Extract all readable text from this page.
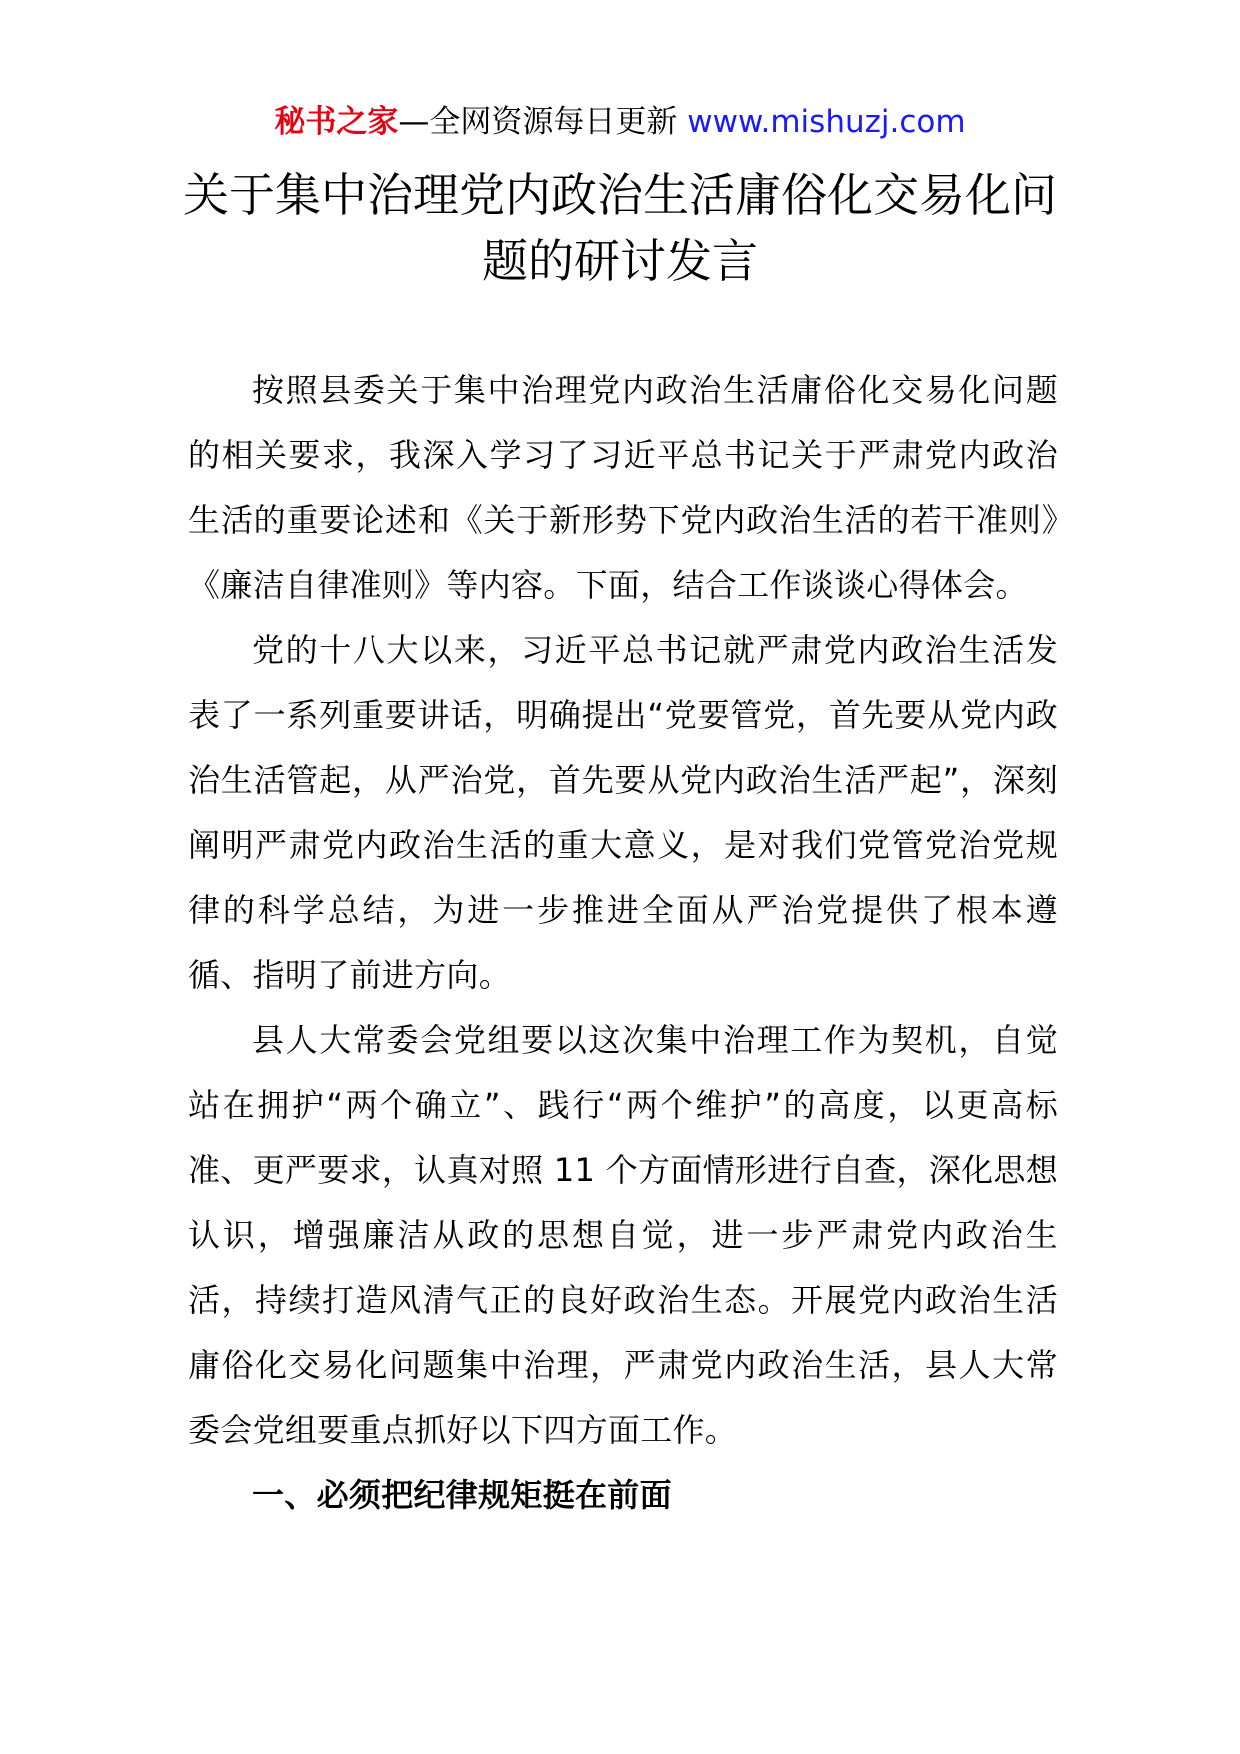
秘书之家—全网资源每日更新 www.mishuzj.com
关于集中治理党内政治生活庸俗化交易化问题的研讨发言

按照县委关于集中治理党内政治生活庸俗化交易化问题的相关要求，我深入学习了习近平总书记关于严肃党内政治生活的重要论述和《关于新形势下党内政治生活的若干准则》《廉洁自律准则》等内容。下面，结合工作谈谈心得体会。

党的十八大以来，习近平总书记就严肃党内政治生活发表了一系列重要讲话，明确提出“党要管党，首先要从党内政治生活管起，从严治党，首先要从党内政治生活严起”，深刻阐明严肃党内政治生活的重大意义，是对我们党管党治党规律的科学总结，为进一步推进全面从严治党提供了根本遵循、指明了前进方向。

县人大常委会党组要以这次集中治理工作为契机，自觉站在拥护“两个确立”、践行“两个维护”的高度，以更高标准、更严要求，认真对照 11 个方面情形进行自查，深化思想认识，增强廉洁从政的思想自觉，进一步严肃党内政治生活，持续打造风清气正的良好政治生态。开展党内政治生活庸俗化交易化问题集中治理，严肃党内政治生活，县人大常委会党组要重点抓好以下四方面工作。

一、必须把纪律规矩挺在前面
